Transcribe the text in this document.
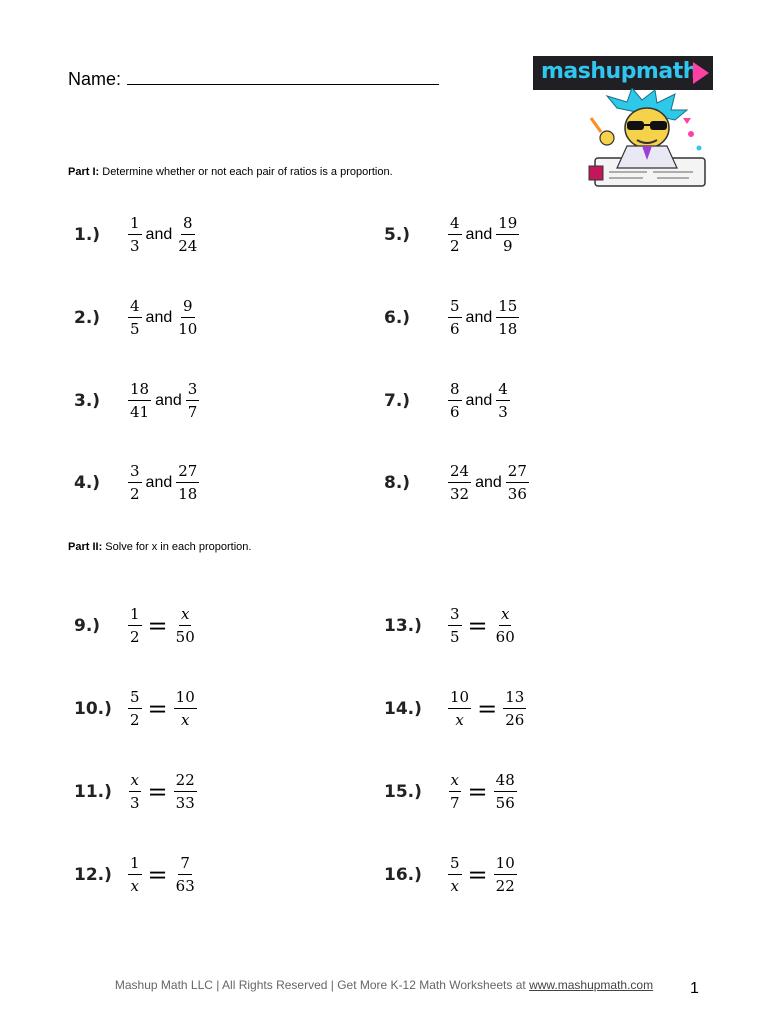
Name:	mashupmath
Part I: Determine whether or not each pair of ratios is a proportion.
1.)	$\frac{1}{3}$ and $\frac{8}{24}$
2.)	$\frac{4}{5}$ and $\frac{9}{10}$
3.)	$\frac{18}{41}$ and $\frac{3}{7}$
4.)	$\frac{3}{2}$ and $\frac{27}{18}$
5.)	$\frac{4}{2}$ and $\frac{19}{9}$
6.)	$\frac{5}{6}$ and $\frac{15}{18}$
7.)	$\frac{8}{6}$ and $\frac{4}{3}$
8.)	$\frac{24}{32}$ and $\frac{27}{36}$
Part II: Solve for x in each proportion.
9.)	$\frac{1}{2} = \frac{x}{50}$
10.)	$\frac{5}{2} = \frac{10}{x}$
11.)	$\frac{x}{3} = \frac{22}{33}$
12.)	$\frac{1}{x} = \frac{7}{63}$
13.)	$\frac{3}{5} = \frac{x}{60}$
14.)	$\frac{10}{x} = \frac{13}{26}$
15.)	$\frac{x}{7} = \frac{48}{56}$
16.)	$\frac{5}{x} = \frac{10}{22}$
Mashup Math LLC | All Rights Reserved | Get More K-12 Math Worksheets at www.mashupmath.com	1
